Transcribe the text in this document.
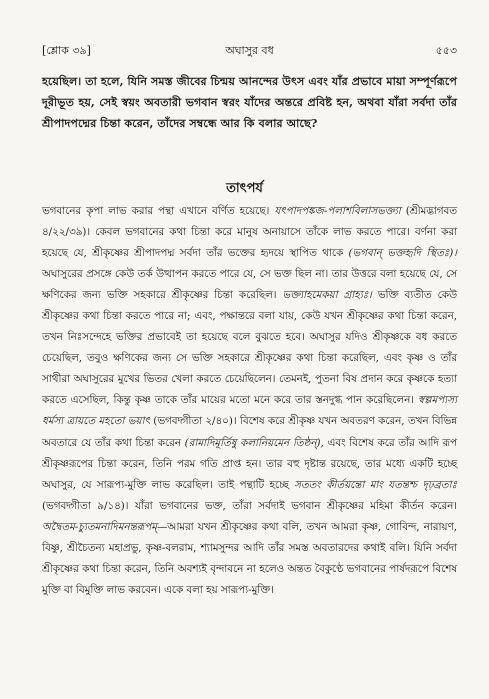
[শ্লোক ৩৯]	অঘাসুর বধ	৫৫৩
হয়েছিল। তা হলে, যিনি সমস্ত জীবের চিন্ময় আনন্দের উৎস এবং যাঁর প্রভাবে মায়া সম্পূর্ণরূপে দূরীভূত হয়, সেই স্বয়ং অবতারী ভগবান স্বরং যাঁদের অন্তরে প্রবিষ্ট হন, অথবা যাঁরা সর্বদা তাঁর শ্রীপাদপদ্মের চিন্তা করেন, তাঁদের সম্বন্ধে আর কি বলার আছে?
তাৎপর্য
ভগবানের কৃপা লাভ করার পন্থা এখানে বর্ণিত হয়েছে। যৎপাদপঙ্কজ-পলাশবিলাসভক্ত্যা (শ্রীমদ্ভাগবত ৪/২২/৩৯)। কেবল ভগবানের কথা চিন্তা করে মানুষ অনায়াসে তাঁকে লাভ করতে পারে। বর্ণনা করা হয়েছে যে, শ্রীকৃষ্ণের শ্রীপাদপদ্ম সর্বদা তাঁর ভক্তের হৃদয়ে স্থাপিত থাকে (ভগবান্ ভক্তহৃদি স্থিতঃ)। অঘাসুরের প্রসঙ্গে কেউ তর্ক উত্থাপন করতে পারে যে, সে ভক্ত ছিল না। তার উত্তরে বলা হয়েছে যে, সে ক্ষণিকের জন্য ভক্তি সহকারে শ্রীকৃষ্ণের চিন্তা করেছিল। ভক্ত্যাহমেকয়া গ্রাহ্যঃ। ভক্তি ব্যতীত কেউ শ্রীকৃষ্ণের কথা চিন্তা করতে পারে না; এবং, পক্ষান্তরে বলা যায়, কেউ যখন শ্রীকৃষ্ণের কথা চিন্তা করেন, তখন নিঃসন্দেহে ভক্তির প্রভাবেই তা হয়েছে বলে বুঝতে হবে। অঘাসুর যদিও শ্রীকৃষ্ণকে বধ করতে চেয়েছিল, তবুও ক্ষণিকের জন্য সে ভক্তি সহকারে শ্রীকৃষ্ণের কথা চিন্তা করেছিল, এবং কৃষ্ণ ও তাঁর সাথীরা অঘাসুরের মুখের ভিতর খেলা করতে চেয়েছিলেন। তেমনই, পুতনা বিষ প্রদান করে কৃষ্ণকে হত্যা করতে এসেছিল, কিন্তু কৃষ্ণ তাকে তাঁর মায়ের মতো মনে করে তার স্তনদুগ্ধ পান করেছিলেন। স্বল্পমপ্যস্য ধর্মস্য ত্রায়তে মহতো ভয়াৎ (ভগবদ্গীতা ২/৪০)। বিশেষ করে শ্রীকৃষ্ণ যখন অবতরণ করেন, তখন বিভিন্ন অবতারে যে তাঁর কথা চিন্তা করেন (রামাদিমূর্তিষু কলানিয়মেন তিষ্ঠন্), এবং বিশেষ করে তাঁর আদি রূপ শ্রীকৃষ্ণরূপের চিন্তা করেন, তিনি পরম গতি প্রাপ্ত হন। তার বহু দৃষ্টান্ত রয়েছে, তার মধ্যে একটি হচ্ছে অঘাসুর, যে সারূপ্য-মুক্তি লাভ করেছিল। তাই পন্থাটি হচ্ছে সততং কীর্তয়ন্তো মাং যতন্তশ্চ দৃঢ়ব্রতাঃ (ভগবদ্গীতা ৯/১৪)। যাঁরা ভগবানের ভক্ত, তাঁরা সর্বদাই ভগবান শ্রীকৃষ্ণের মহিমা কীর্তন করেন। অদ্বৈতম-চ্যুতমনাদিমনন্তরূপম্—আমরা যখন শ্রীকৃষ্ণের কথা বলি, তখন আমরা কৃষ্ণ, গোবিন্দ, নারায়ণ, বিষ্ণু, শ্রীচৈতন্য মহাপ্রভু, কৃষ্ণ-বলরাম, শ্যামসুন্দর আদি তাঁর সমস্ত অবতারদের কথাই বলি। যিনি সর্বদা শ্রীকৃষ্ণের কথা চিন্তা করেন, তিনি অবশ্যই বৃন্দাবনে না হলেও অন্তত বৈকুণ্ঠে ভগবানের পার্ষদরূপে বিশেষ মুক্তি বা বিমুক্তি লাভ করবেন। একে বলা হয় সারূপ্য-মুক্তি।
